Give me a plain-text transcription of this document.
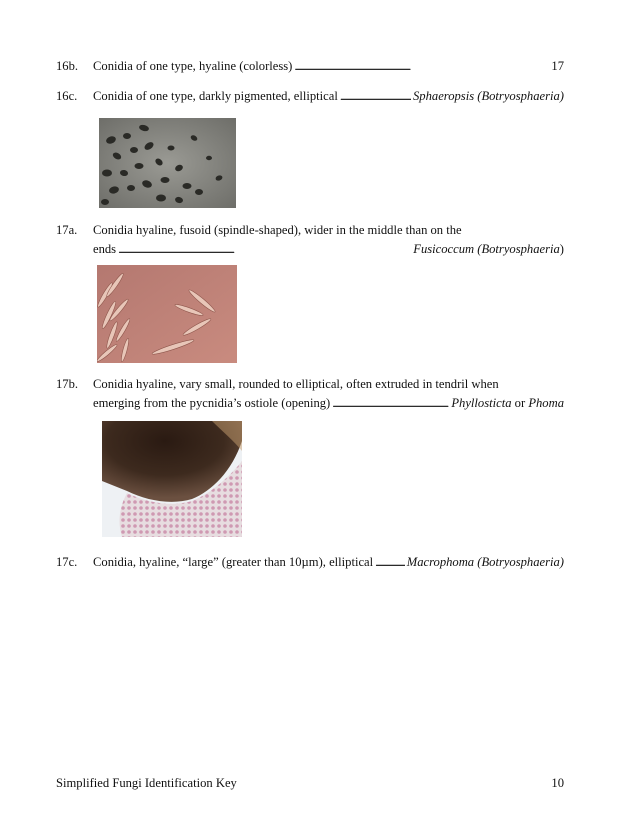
16b. Conidia of one type, hyaline (colorless) . . .	17
16c. Conidia of one type, darkly pigmented, elliptical . . .	Sphaeropsis (Botryosphaeria)
17a. Conidia hyaline, fusoid (spindle-shaped), wider in the middle than on the
ends . . .	Fusicoccum (Botryosphaeria)
17b. Conidia hyaline, vary small, rounded to elliptical, often extruded in tendril when
emerging from the pycnidia’s ostiole (opening) . . .	Phyllosticta or Phoma
17c. Conidia, hyaline, “large” (greater than 10µm), elliptical . . .	Macrophoma (Botryosphaeria)
Simplified Fungi Identification Key	10
